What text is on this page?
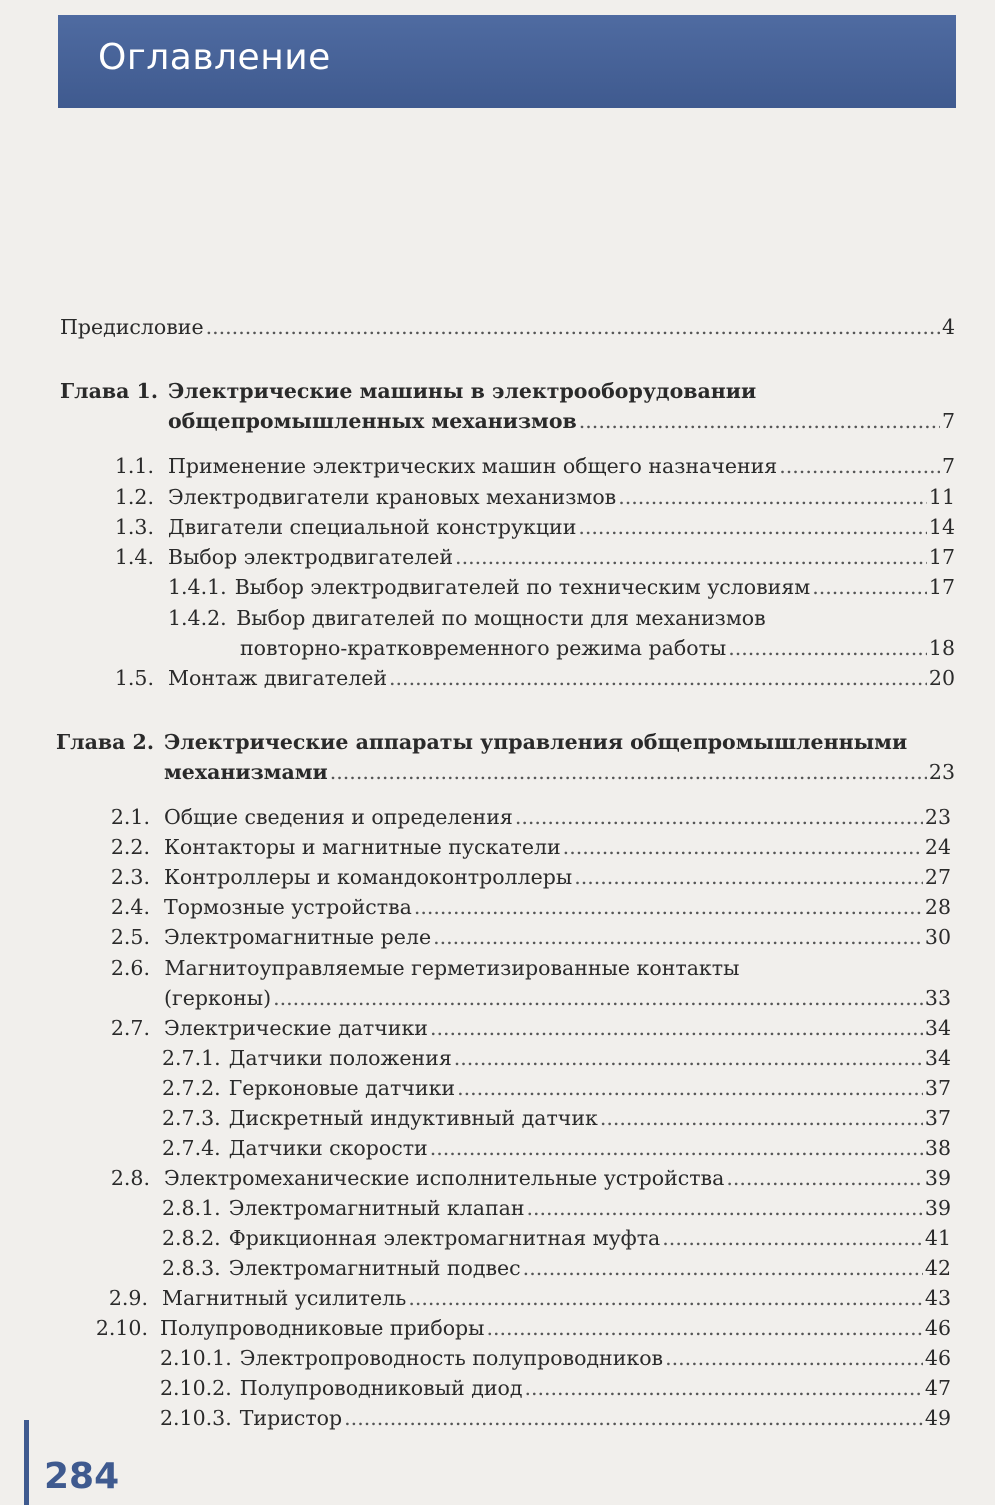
Оглавление
Предисловие .....	4
Глава 1. Электрические машины в электрооборудовании
общепромышленных механизмов .....	7
1.1. Применение электрических машин общего назначения .....	7
1.2. Электродвигатели крановых механизмов .....	11
1.3. Двигатели специальной конструкции .....	14
1.4. Выбор электродвигателей .....	17
1.4.1. Выбор электродвигателей по техническим условиям .....	17
1.4.2. Выбор двигателей по мощности для механизмов
повторно-кратковременного режима работы .....	18
1.5. Монтаж двигателей .....	20
Глава 2. Электрические аппараты управления общепромышленными
механизмами .....	23
2.1. Общие сведения и определения .....	23
2.2. Контакторы и магнитные пускатели .....	24
2.3. Контроллеры и командоконтроллеры .....	27
2.4. Тормозные устройства .....	28
2.5. Электромагнитные реле .....	30
2.6. Магнитоуправляемые герметизированные контакты
(герконы) .....	33
2.7. Электрические датчики .....	34
2.7.1. Датчики положения .....	34
2.7.2. Герконовые датчики .....	37
2.7.3. Дискретный индуктивный датчик .....	37
2.7.4. Датчики скорости .....	38
2.8. Электромеханические исполнительные устройства .....	39
2.8.1. Электромагнитный клапан .....	39
2.8.2. Фрикционная электромагнитная муфта .....	41
2.8.3. Электромагнитный подвес .....	42
2.9. Магнитный усилитель .....	43
2.10. Полупроводниковые приборы .....	46
2.10.1. Электропроводность полупроводников .....	46
2.10.2. Полупроводниковый диод .....	47
2.10.3. Тиристор .....	49
284
